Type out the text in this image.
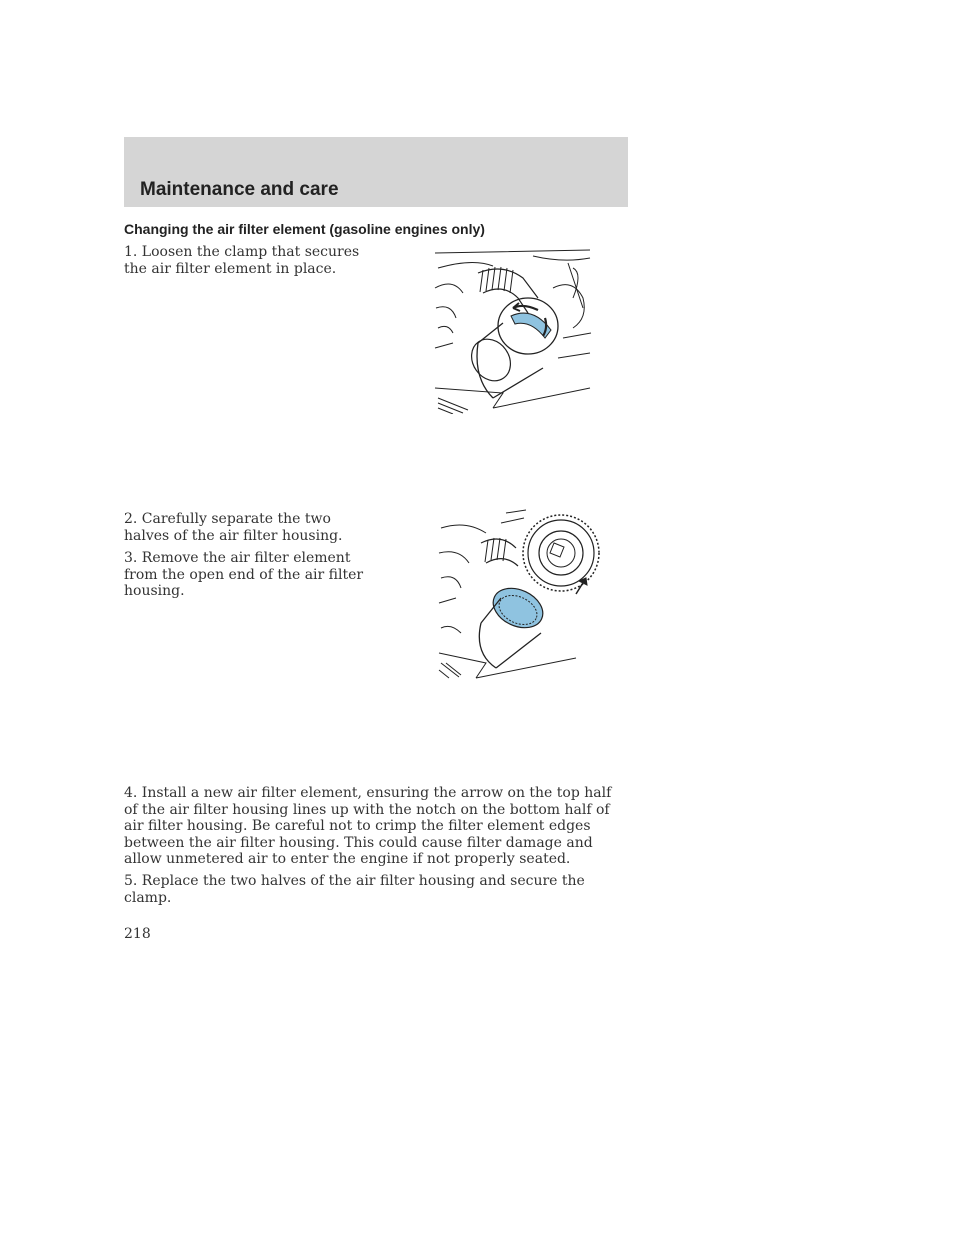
Maintenance and care
Changing the air filter element (gasoline engines only)
1. Loosen the clamp that secures the air filter element in place.
2. Carefully separate the two halves of the air filter housing.
3. Remove the air filter element from the open end of the air filter housing.
4. Install a new air filter element, ensuring the arrow on the top half of the air filter housing lines up with the notch on the bottom half of air filter housing. Be careful not to crimp the filter element edges between the air filter housing. This could cause filter damage and allow unmetered air to enter the engine if not properly seated.
5. Replace the two halves of the air filter housing and secure the clamp.
218
